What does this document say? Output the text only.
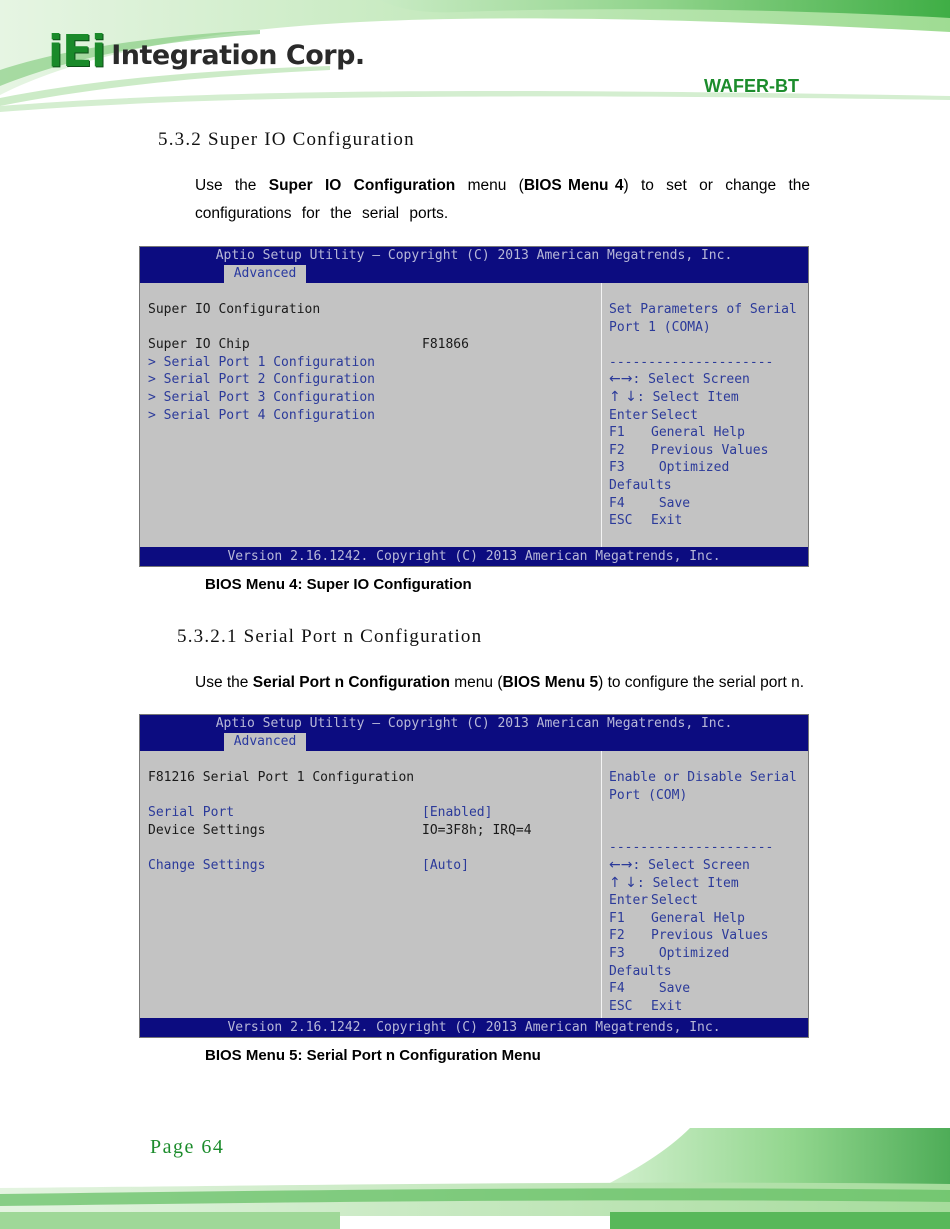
iEi Integration Corp.
WAFER-BT
5.3.2 Super IO Configuration
Use the Super IO Configuration menu (BIOS Menu 4) to set or change the configurations for the serial ports.
Aptio Setup Utility – Copyright (C) 2013 American Megatrends, Inc.
Advanced
Super IO Configuration
Super IO Chip	F81866
> Serial Port 1 Configuration
> Serial Port 2 Configuration
> Serial Port 3 Configuration
> Serial Port 4 Configuration
Set Parameters of Serial
Port 1 (COMA)

---------------------
←→: Select Screen
↑ ↓: Select Item
Enter Select
F1 General Help
F2 Previous Values
F3 Optimized
Defaults
F4 Save
ESC Exit
Version 2.16.1242. Copyright (C) 2013 American Megatrends, Inc.
BIOS Menu 4: Super IO Configuration
5.3.2.1 Serial Port n Configuration
Use the Serial Port n Configuration menu (BIOS Menu 5) to configure the serial port n.
Aptio Setup Utility – Copyright (C) 2013 American Megatrends, Inc.
Advanced
F81216 Serial Port 1 Configuration
Serial Port	[Enabled]
Device Settings	IO=3F8h; IRQ=4
Change Settings	[Auto]
Enable or Disable Serial
Port (COM)

---------------------
←→: Select Screen
↑ ↓: Select Item
Enter Select
F1 General Help
F2 Previous Values
F3 Optimized
Defaults
F4 Save
ESC Exit
Version 2.16.1242. Copyright (C) 2013 American Megatrends, Inc.
BIOS Menu 5: Serial Port n Configuration Menu
Page 64
